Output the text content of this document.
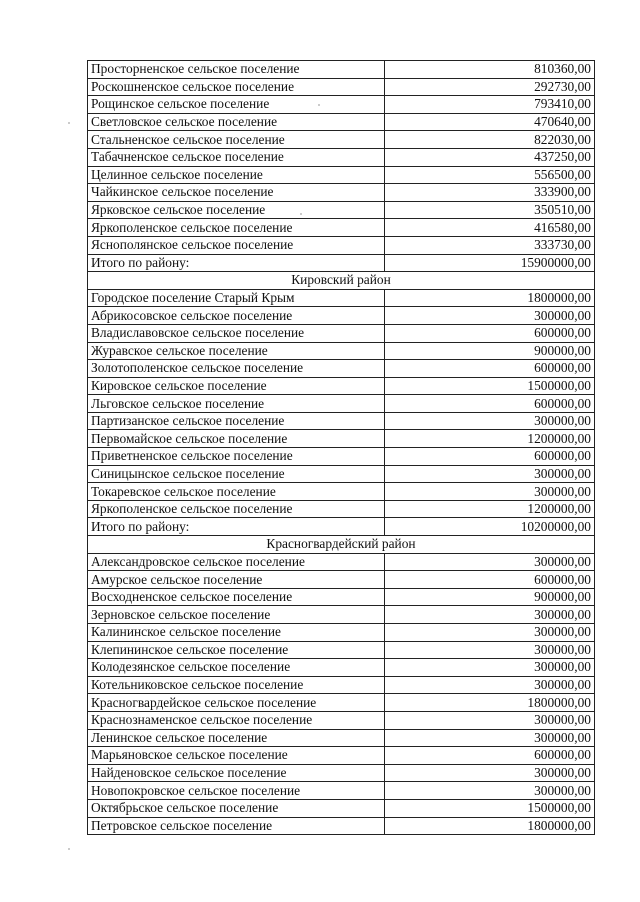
Просторненское сельское поселение	810360,00
Роскошненское сельское поселение	292730,00
Рощинское сельское поселение	793410,00
Светловское сельское поселение	470640,00
Стальненское сельское поселение	822030,00
Табачненское сельское поселение	437250,00
Целинное сельское поселение	556500,00
Чайкинское сельское поселение	333900,00
Ярковское сельское поселение	350510,00
Яркополенское сельское поселение	416580,00
Яснополянское сельское поселение	333730,00
Итого по району:	15900000,00
Кировский район	
Городское поселение Старый Крым	1800000,00
Абрикосовское сельское поселение	300000,00
Владиславовское сельское поселение	600000,00
Журавское сельское поселение	900000,00
Золотополенское сельское поселение	600000,00
Кировское сельское поселение	1500000,00
Льговское сельское поселение	600000,00
Партизанское сельское поселение	300000,00
Первомайское сельское поселение	1200000,00
Приветненское сельское поселение	600000,00
Синицынское сельское поселение	300000,00
Токаревское сельское поселение	300000,00
Яркополенское сельское поселение	1200000,00
Итого по району:	10200000,00
Красногвардейский район	
Александровское сельское поселение	300000,00
Амурское сельское поселение	600000,00
Восходненское сельское поселение	900000,00
Зерновское сельское поселение	300000,00
Калининское сельское поселение	300000,00
Клепининское сельское поселение	300000,00
Колодезянское сельское поселение	300000,00
Котельниковское сельское поселение	300000,00
Красногвардейское сельское поселение	1800000,00
Краснознаменское сельское поселение	300000,00
Ленинское сельское поселение	300000,00
Марьяновское сельское поселение	600000,00
Найденовское сельское поселение	300000,00
Новопокровское сельское поселение	300000,00
Октябрьское сельское поселение	1500000,00
Петровское сельское поселение	1800000,00
